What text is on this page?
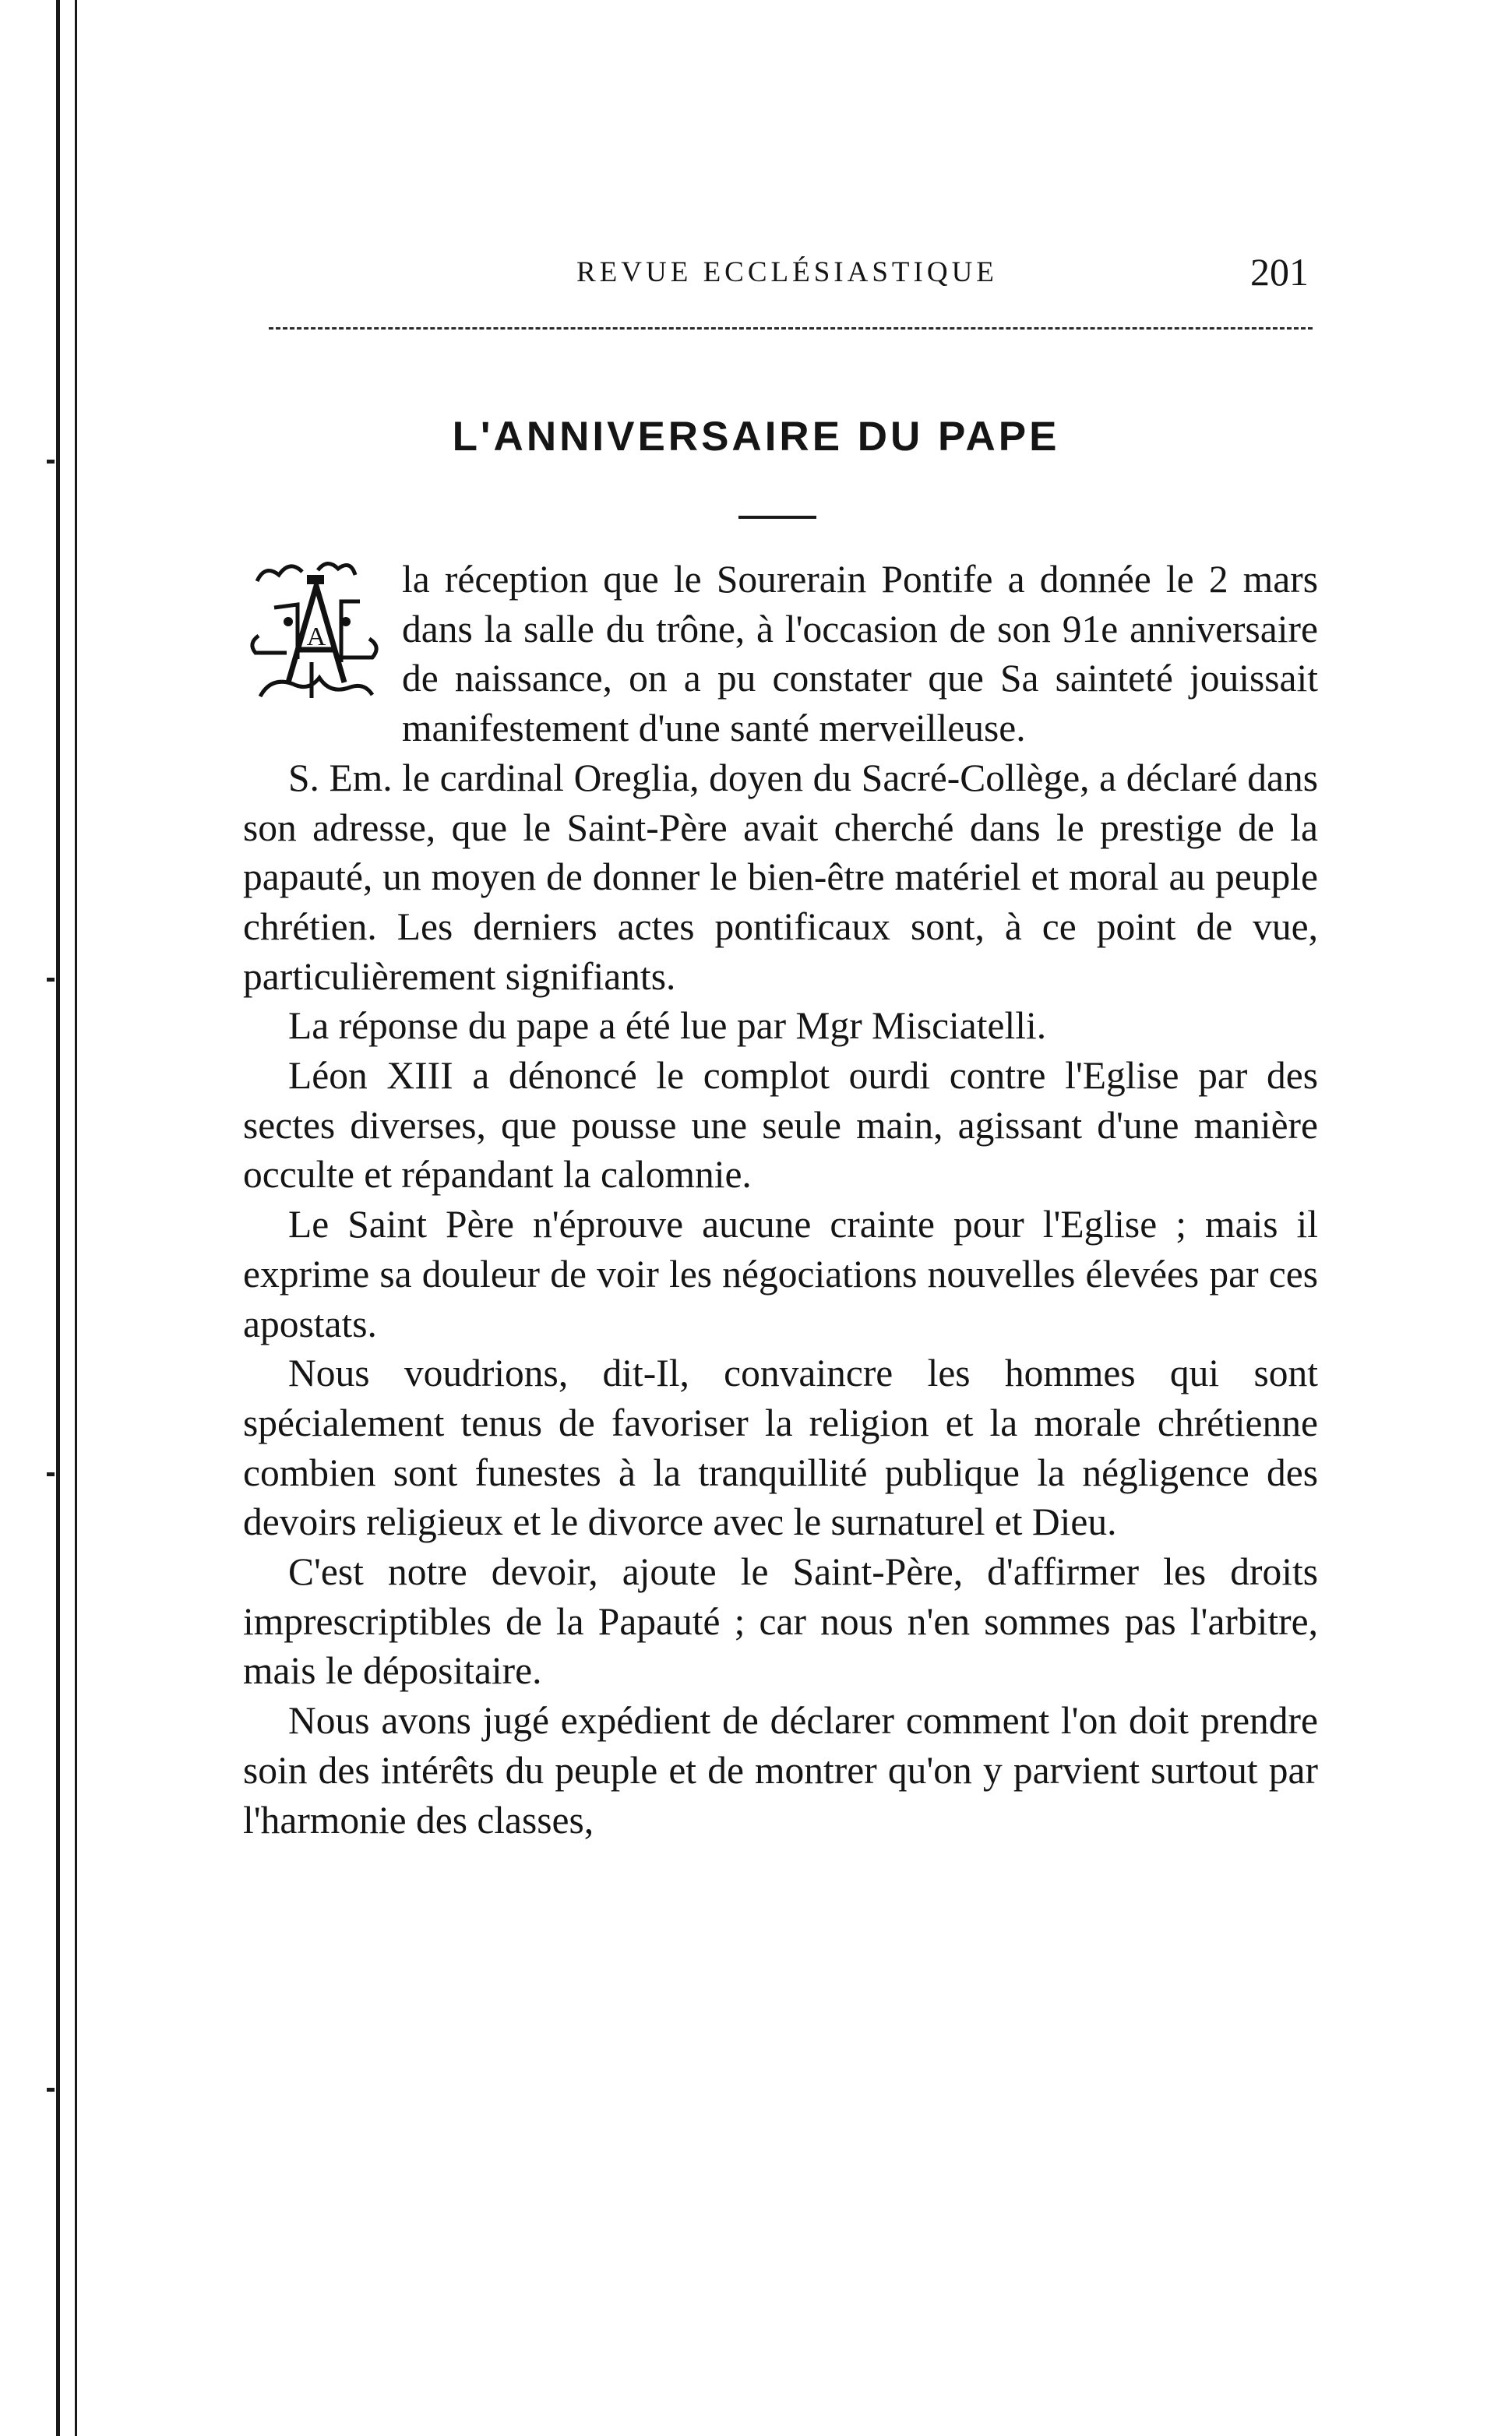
REVUE ECCLÉSIASTIQUE	201
L'ANNIVERSAIRE DU PAPE

A
la réception que le Sourerain Pontife a donnée le 2 mars dans la salle du trône, à l'occasion de son 91e anniversaire de naissance, on a pu constater que Sa sainteté jouissait manifestement d'une santé merveilleuse.

S. Em. le cardinal Oreglia, doyen du Sacré-Collège, a déclaré dans son adresse, que le Saint-Père avait cherché dans le prestige de la papauté, un moyen de donner le bien-être matériel et moral au peuple chrétien. Les derniers actes pontificaux sont, à ce point de vue, particulièrement signifiants.

La réponse du pape a été lue par Mgr Misciatelli.

Léon XIII a dénoncé le complot ourdi contre l'Eglise par des sectes diverses, que pousse une seule main, agissant d'une manière occulte et répandant la calomnie.

Le Saint Père n'éprouve aucune crainte pour l'Eglise ; mais il exprime sa douleur de voir les négociations nouvelles élevées par ces apostats.

Nous voudrions, dit-Il, convaincre les hommes qui sont spécialement tenus de favoriser la religion et la morale chrétienne combien sont funestes à la tranquillité publique la négligence des devoirs religieux et le divorce avec le surnaturel et Dieu.

C'est notre devoir, ajoute le Saint-Père, d'affirmer les droits imprescriptibles de la Papauté ; car nous n'en sommes pas l'arbitre, mais le dépositaire.

Nous avons jugé expédient de déclarer comment l'on doit prendre soin des intérêts du peuple et de montrer qu'on y parvient surtout par l'harmonie des classes,
